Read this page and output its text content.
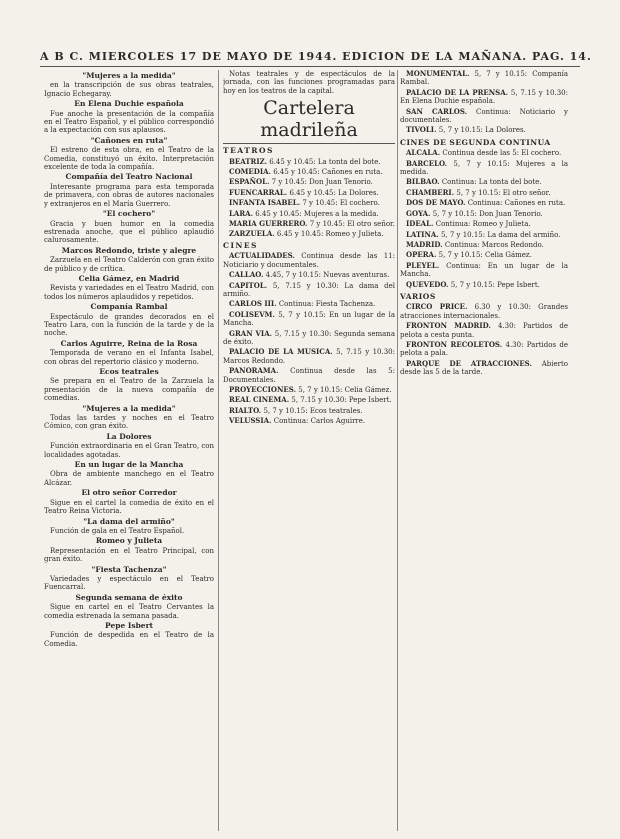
A B C. MIERCOLES 17 DE MAYO DE 1944. EDICION DE LA MAÑANA. PAG. 14.
"Mujeres a la medida"

en la transcripción de sus obras teatrales, Ignacio Echegaray.

En Elena Duchie española

Fue anoche la presentación de la compañía en el Teatro Español, y el público correspondió a la expectación con sus aplausos.

"Cañones en ruta"

El estreno de esta obra, en el Teatro de la Comedia, constituyó un éxito. Interpretación excelente de toda la compañía.

Compañía del Teatro Nacional

Interesante programa para esta temporada de primavera, con obras de autores nacionales y extranjeros en el María Guerrero.

"El cochero"

Gracia y buen humor en la comedia estrenada anoche, que el público aplaudió calurosamente.

Marcos Redondo, triste y alegre

Zarzuela en el Teatro Calderón con gran éxito de público y de crítica.

Celia Gámez, en Madrid

Revista y variedades en el Teatro Madrid, con todos los números aplaudidos y repetidos.

Companía Rambal

Espectáculo de grandes decorados en el Teatro Lara, con la función de la tarde y de la noche.

Carlos Aguirre, Reina de la Rosa

Temporada de verano en el Infanta Isabel, con obras del repertorio clásico y moderno.

Ecos teatrales

Se prepara en el Teatro de la Zarzuela la presentación de la nueva compañía de comedias.

"Mujeres a la medida"

Todas las tardes y noches en el Teatro Cómico, con gran éxito.

La Dolores

Función extraordinaria en el Gran Teatro, con localidades agotadas.

En un lugar de la Mancha

Obra de ambiente manchego en el Teatro Alcázar.

El otro señor Corredor

Sigue en el cartel la comedia de éxito en el Teatro Reina Victoria.

"La dama del armiño"

Función de gala en el Teatro Español.

Romeo y Julieta

Representación en el Teatro Principal, con gran éxito.

"Fiesta Tachenza"

Variedades y espectáculo en el Teatro Fuencarral.

Segunda semana de éxito

Sigue en cartel en el Teatro Cervantes la comedia estrenada la semana pasada.

Pepe Isbert

Función de despedida en el Teatro de la Comedia.

Notas teatrales y de espectáculos de la jornada, con las funciones programadas para hoy en los teatros de la capital.

Cartelera madrileña
TEATROS

BEATRIZ. 6.45 y 10.45: La tonta del bote.

COMEDIA. 6.45 y 10.45: Cañones en ruta.

ESPAÑOL. 7 y 10.45: Don Juan Tenorio.

FUENCARRAL. 6.45 y 10.45: La Dolores.

INFANTA ISABEL. 7 y 10.45: El cochero.

LARA. 6.45 y 10.45: Mujeres a la medida.

MARIA GUERRERO. 7 y 10.45: El otro señor.

ZARZUELA. 6.45 y 10.45: Romeo y Julieta.

CINES

ACTUALIDADES. Continua desde las 11: Noticiario y documentales.

CALLAO. 4.45, 7 y 10.15: Nuevas aventuras.

CAPITOL. 5, 7.15 y 10.30: La dama del armiño.

CARLOS III. Continua: Fiesta Tachenza.

COLISEVM. 5, 7 y 10.15: En un lugar de la Mancha.

GRAN VIA. 5, 7.15 y 10.30: Segunda semana de éxito.

PALACIO DE LA MUSICA. 5, 7.15 y 10.30: Marcos Redondo.

PANORAMA. Continua desde las 5: Documentales.

PROYECCIONES. 5, 7 y 10.15: Celia Gámez.

REAL CINEMA. 5, 7.15 y 10.30: Pepe Isbert.

RIALTO. 5, 7 y 10.15: Ecos teatrales.

VELUSSIA. Continua: Carlos Aguirre.

MONUMENTAL. 5, 7 y 10.15: Companía Rambal.

PALACIO DE LA PRENSA. 5, 7.15 y 10.30: En Elena Duchie española.

SAN CARLOS. Continua: Noticiario y documentales.

TIVOLI. 5, 7 y 10.15: La Dolores.

CINES DE SEGUNDA CONTINUA

ALCALA. Continua desde las 5: El cochero.

BARCELO. 5, 7 y 10.15: Mujeres a la medida.

BILBAO. Continua: La tonta del bote.

CHAMBERI. 5, 7 y 10.15: El otro señor.

DOS DE MAYO. Continua: Cañones en ruta.

GOYA. 5, 7 y 10.15: Don Juan Tenorio.

IDEAL. Continua: Romeo y Julieta.

LATINA. 5, 7 y 10.15: La dama del armiño.

MADRID. Continua: Marcos Redondo.

OPERA. 5, 7 y 10.15: Celia Gámez.

PLEYEL. Continua: En un lugar de la Mancha.

QUEVEDO. 5, 7 y 10.15: Pepe Isbert.

VARIOS

CIRCO PRICE. 6.30 y 10.30: Grandes atracciones internacionales.

FRONTON MADRID. 4.30: Partidos de pelota a cesta punta.

FRONTON RECOLETOS. 4.30: Partidos de pelota a pala.

PARQUE DE ATRACCIONES. Abierto desde las 5 de la tarde.
